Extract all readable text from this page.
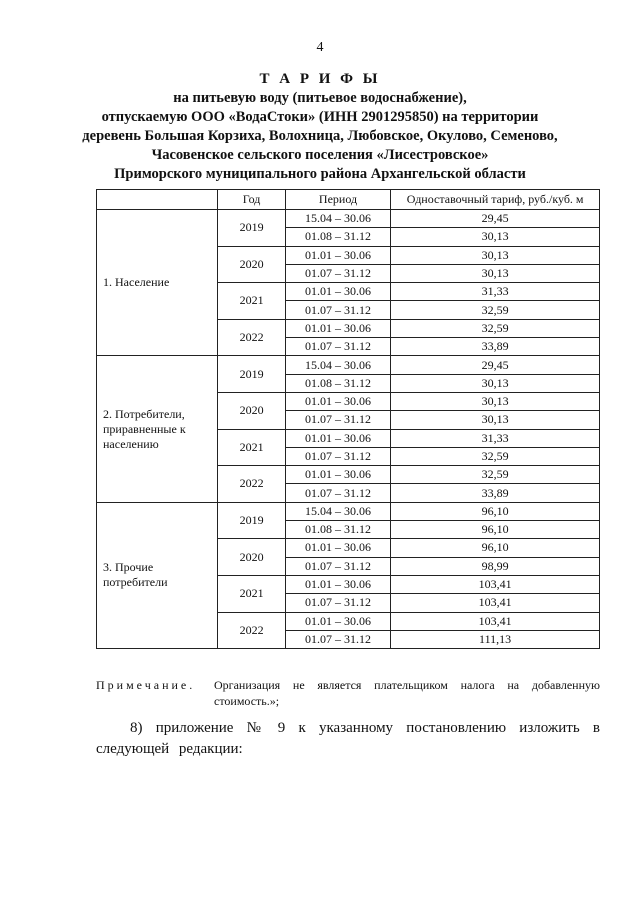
4
Т А Р И Ф Ы
на питьевую воду (питьевое водоснабжение),
отпускаемую ООО «ВодаСтоки» (ИНН 2901295850) на территории
деревень Большая Корзиха, Волохница, Любовское, Окулово, Семеново,
Часовенское сельского поселения «Лисестровское»
Приморского муниципального района Архангельской области
	Год	Период	Одноставочный тариф, руб./куб. м
1. Население	2019	15.04 – 30.06	29,45
		01.08 – 31.12	30,13
	2020	01.01 – 30.06	30,13
		01.07 – 31.12	30,13
	2021	01.01 – 30.06	31,33
		01.07 – 31.12	32,59
	2022	01.01 – 30.06	32,59
		01.07 – 31.12	33,89
2. Потребители, приравненные к населению	2019	15.04 – 30.06	29,45
		01.08 – 31.12	30,13
	2020	01.01 – 30.06	30,13
		01.07 – 31.12	30,13
	2021	01.01 – 30.06	31,33
		01.07 – 31.12	32,59
	2022	01.01 – 30.06	32,59
		01.07 – 31.12	33,89
3. Прочие потребители	2019	15.04 – 30.06	96,10
		01.08 – 31.12	96,10
	2020	01.01 – 30.06	96,10
		01.07 – 31.12	98,99
	2021	01.01 – 30.06	103,41
		01.07 – 31.12	103,41
	2022	01.01 – 30.06	103,41
		01.07 – 31.12	111,13
Примечание.	Организация не является плательщиком налога на добавленную стоимость.»;
8) приложение № 9 к указанному постановлению изложить в следующей редакции:
